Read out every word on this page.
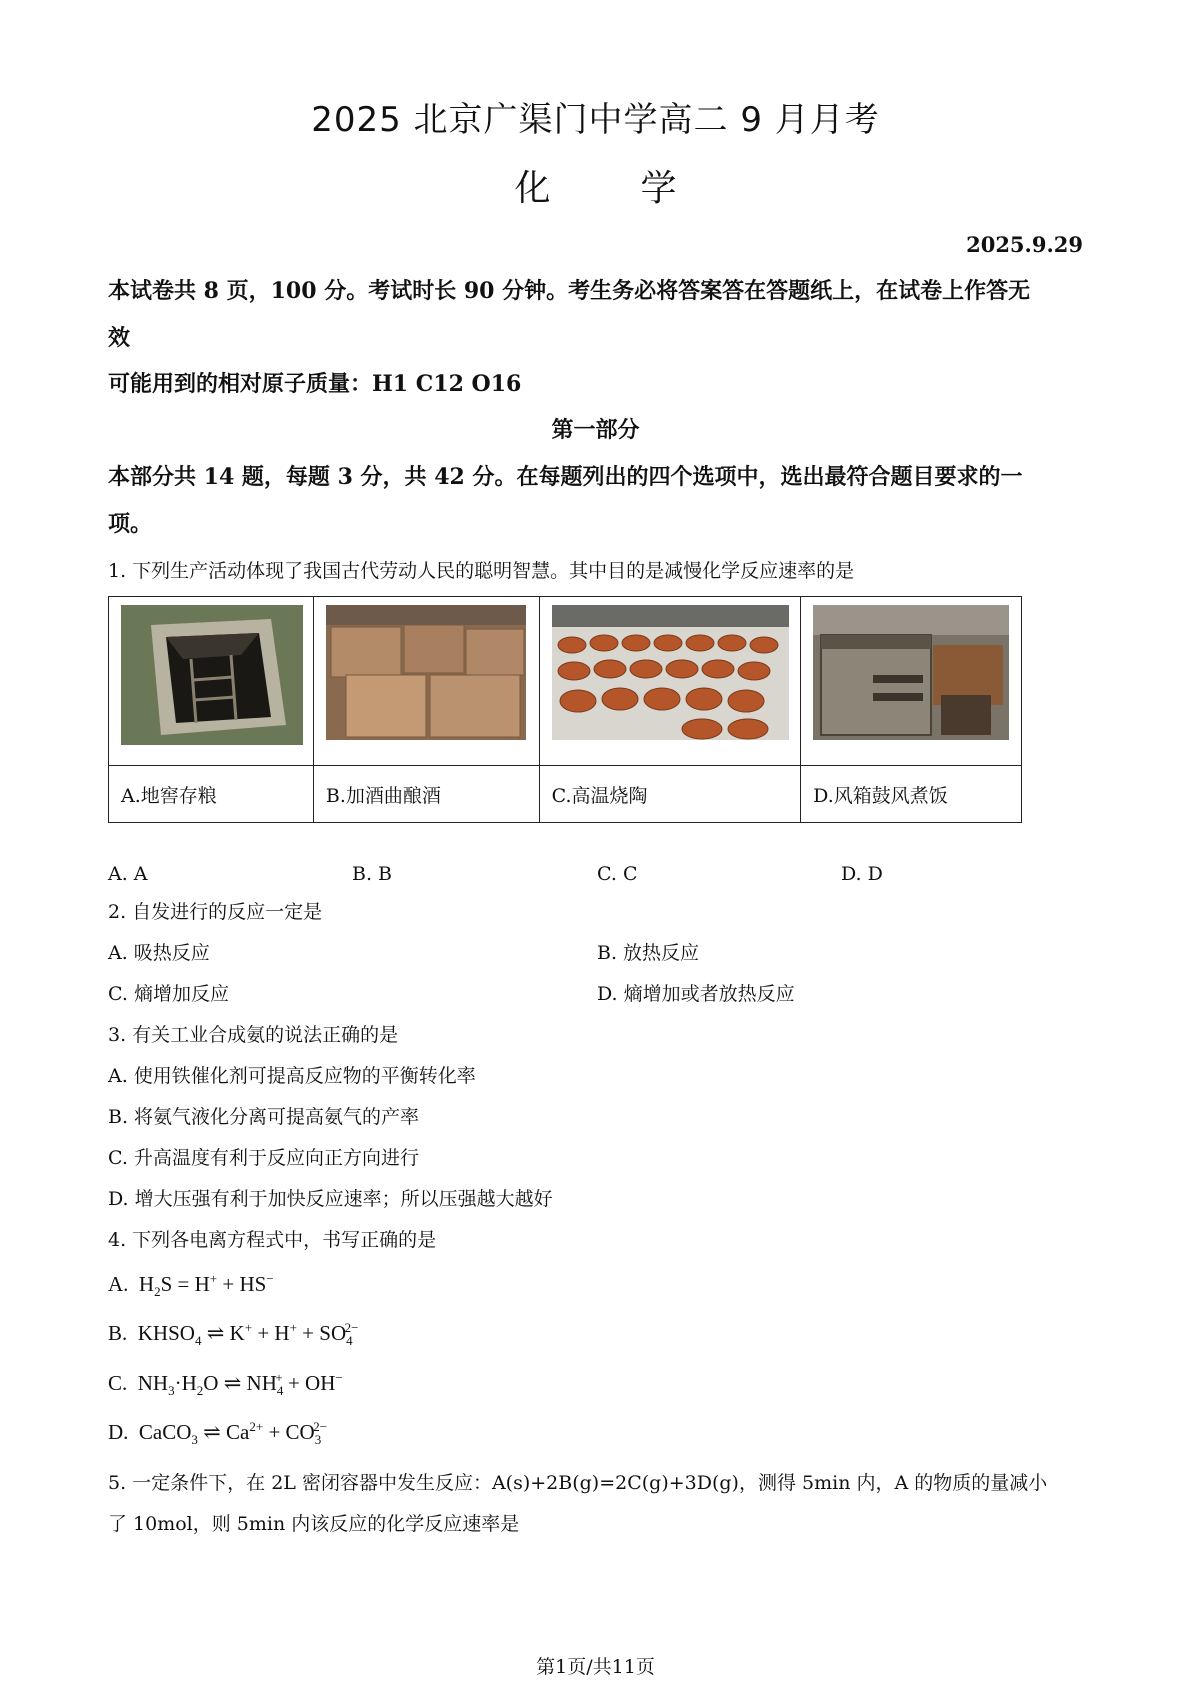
2025 北京广渠门中学高二 9 月月考
化	学
2025.9.29
本试卷共 8 页，100 分。考试时长 90 分钟。考生务必将答案答在答题纸上，在试卷上作答无
效
可能用到的相对原子质量：H1 C12 O16
第一部分
本部分共 14 题，每题 3 分，共 42 分。在每题列出的四个选项中，选出最符合题目要求的一
项。
1. 下列生产活动体现了我国古代劳动人民的聪明智慧。其中目的是减慢化学反应速率的是

A.地窖存粮	B.加酒曲酿酒	C.高温烧陶	D.风箱鼓风煮饭
A. A	B. B	C. C	D. D
2. 自发进行的反应一定是
A. 吸热反应	B. 放热反应
C. 熵增加反应	D. 熵增加或者放热反应
3. 有关工业合成氨的说法正确的是
A. 使用铁催化剂可提高反应物的平衡转化率
B. 将氨气液化分离可提高氨气的产率
C. 升高温度有利于反应向正方向进行
D. 增大压强有利于加快反应速率；所以压强越大越好
4. 下列各电离方程式中，书写正确的是
A.  $H_2S = H^+ + HS^-$
B.  $KHSO_4$ ⇌ $K^+ + H^+ + SO_4^{2-}$
C.  $NH_3\cdot H_2O$ ⇌ $NH_4^+ + OH^-$
D.  CaCO$_3$ ⇌ $Ca^{2+} + CO_3^{2-}$
5. 一定条件下，在 2L 密闭容器中发生反应：A(s)+2B(g)=2C(g)+3D(g)，测得 5min 内，A 的物质的量减小
了 10mol，则 5min 内该反应的化学反应速率是
第1页/共11页
